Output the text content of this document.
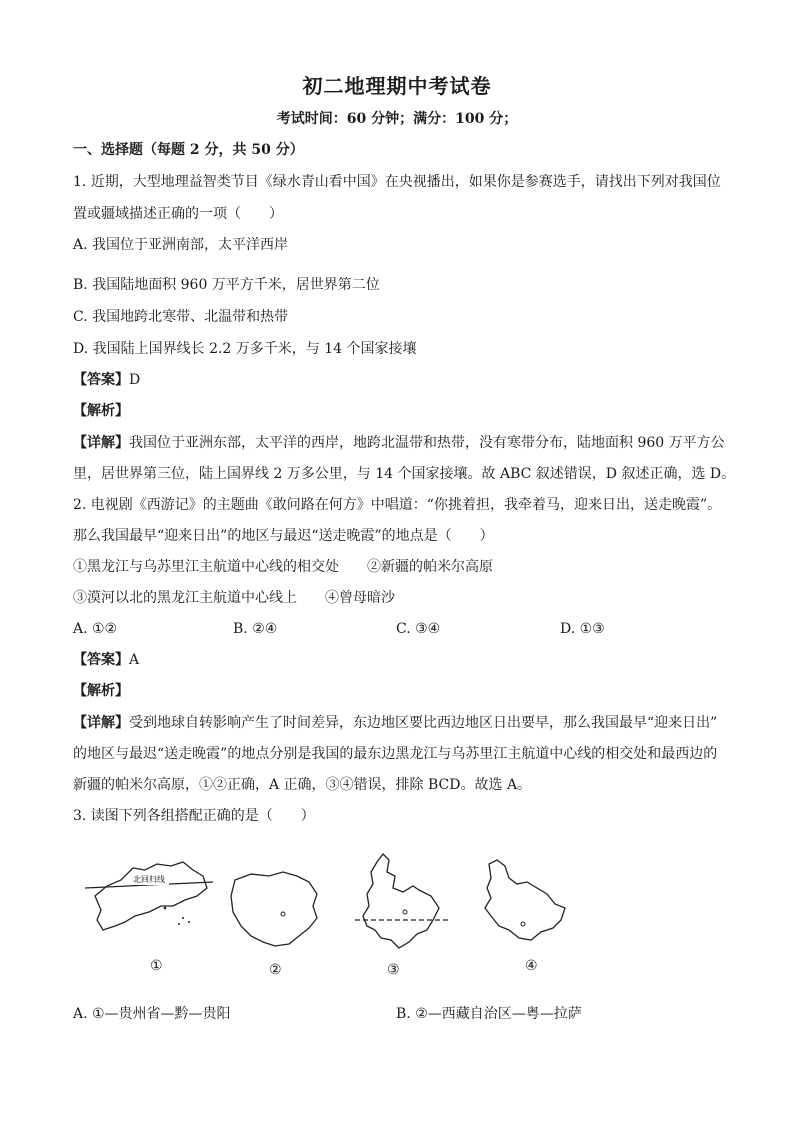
初二地理期中考试卷
考试时间：60 分钟；满分：100 分；
一、选择题（每题 2 分，共 50 分）
1. 近期，大型地理益智类节目《绿水青山看中国》在央视播出，如果你是参赛选手，请找出下列对我国位
置或疆域描述正确的一项（　　）
A. 我国位于亚洲南部，太平洋西岸
B. 我国陆地面积 960 万平方千米，居世界第二位
C. 我国地跨北寒带、北温带和热带
D. 我国陆上国界线长 2.2 万多千米，与 14 个国家接壤
【答案】D
【解析】
【详解】我国位于亚洲东部，太平洋的西岸，地跨北温带和热带，没有寒带分布，陆地面积 960 万平方公
里，居世界第三位，陆上国界线 2 万多公里，与 14 个国家接壤。故 ABC 叙述错误，D 叙述正确，选 D。
2. 电视剧《西游记》的主题曲《敢问路在何方》中唱道：“你挑着担，我牵着马，迎来日出，送走晚霞”。
那么我国最早“迎来日出”的地区与最迟“送走晚霞”的地点是（　　）
①黑龙江与乌苏里江主航道中心线的相交处　　②新疆的帕米尔高原
③漠河以北的黑龙江主航道中心线上　　④曾母暗沙
A. ①②	B. ②④	C. ③④	D. ①③
【答案】A
【解析】
【详解】受到地球自转影响产生了时间差异，东边地区要比西边地区日出要早，那么我国最早“迎来日出”
的地区与最迟“送走晚霞”的地点分别是我国的最东边黑龙江与乌苏里江主航道中心线的相交处和最西边的
新疆的帕米尔高原，①②正确，A 正确，③④错误，排除 BCD。故选 A。
3. 读图下列各组搭配正确的是（　　）
北回归线
①	②	③	④
A. ①—贵州省—黔—贵阳	B. ②—西藏自治区—粤—拉萨
